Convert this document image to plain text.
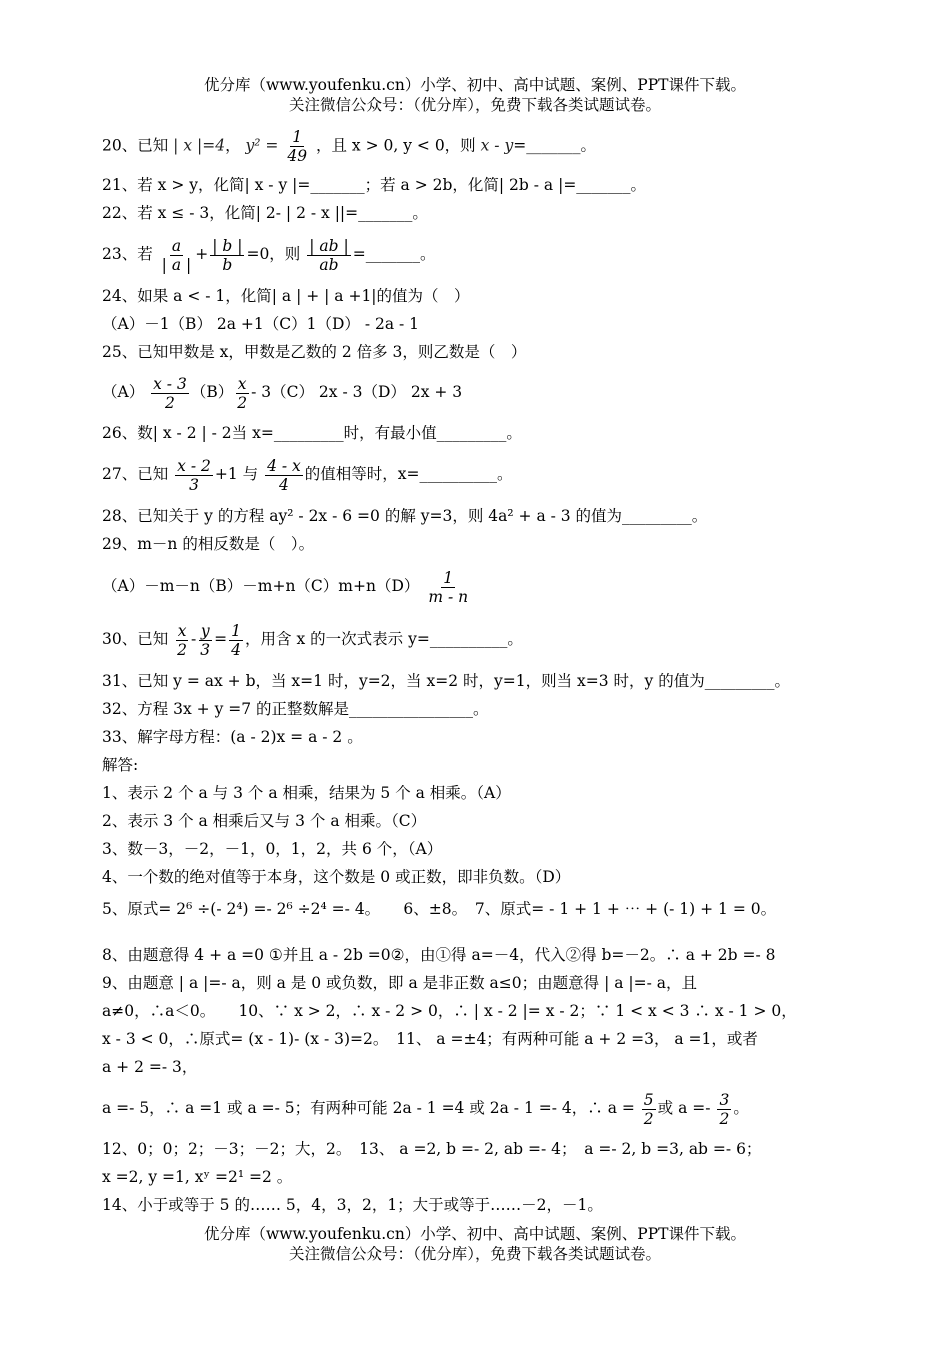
优分库（www.youfenku.cn）小学、初中、高中试题、案例、PPT课件下载。
关注微信公众号：（优分库），免费下载各类试题试卷。
20、已知 | x |=4， $y^2 = \frac{1}{49}$ ，且 x > 0, y < 0，则 x - y=_______。
21、若 x > y，化简| x - y |=_______；若 a > 2b，化简| 2b - a |=_______。
22、若 x ≤ - 3，化简| 2- | 2 - x ||=_______。
23、若 $\frac{a}{| a |} + \frac{| b |}{b} =0$，则 $\frac{| ab |}{ab}$ =_______。
24、如果 a < - 1，化简| a | + | a +1|的值为（　）
（A）－1（B） 2a +1（C）1（D） - 2a - 1
25、已知甲数是 x，甲数是乙数的 2 倍多 3，则乙数是（　）
$(A) \frac{x - 3}{2} (B) \frac{x}{2} - 3(C)$ 2x - 3（D） 2x + 3
26、数| x - 2 | - 2当 x=_________时，有最小值_________。
27、已知 $\frac{x - 2}{3} +1$ 与 $\frac{4 - x}{4}$ 的值相等时，x=__________。
28、已知关于 y 的方程 ay² - 2x - 6 =0 的解 y=3，则 4a² + a - 3 的值为_________。
29、m－n 的相反数是（　）。
$(A)-m-n(B)-m+n(C)m+n(D) \frac{1}{m - n}$
30、已知 $\frac{x}{2} - \frac{y}{3} = \frac{1}{4}$ ，用含 x 的一次式表示 y=__________。
31、已知 y = ax + b，当 x=1 时，y=2，当 x=2 时，y=1，则当 x=3 时，y 的值为_________。
32、方程 3x + y =7 的正整数解是________________。
33、解字母方程：(a - 2)x = a - 2 。
解答:
1、表示 2 个 a 与 3 个 a 相乘，结果为 5 个 a 相乘。（A）
2、表示 3 个 a 相乘后又与 3 个 a 相乘。（C）
3、数－3，－2，－1，0，1，2，共 6 个，（A）
4、一个数的绝对值等于本身，这个数是 0 或正数，即非负数。（D）
5、原式= 2⁶ ÷(- 2⁴) =- 2⁶ ÷2⁴ =- 4。　　6、±8。　7、原式= - 1 + 1 + ⋯ + (- 1) + 1 = 0。
8、由题意得 4 + a =0 ①并且 a - 2b =0②，由①得 a=－4，代入②得 b=－2。∴ a + 2b =- 8
9、由题意 | a |=- a，则 a 是 0 或负数，即 a 是非正数 a≤0；由题意得 | a |=- a，且
a≠0，∴a＜0。　　10、∵ x > 2，∴ x - 2 > 0，∴ | x - 2 |= x - 2；∵ 1 < x < 3 ∴ x - 1 > 0，
x - 3 < 0，∴原式= (x - 1)- (x - 3)=2。　11、 a =±4；有两种可能 a + 2 =3， a =1，或者
a + 2 =- 3，
a =- 5，∴ a =1 或 a =- 5；有两种可能 2a - 1 =4 或 2a - 1 =- 4，∴ $a = \frac{5}{2}$ 或 $a =- \frac{3}{2}$ 。
12、0；0；2；－3；－2；大，2。　13、 a =2, b =- 2, ab =- 4；　a =- 2, b =3, ab =- 6；
x =2, y =1, xʸ =2¹ =2 。
14、小于或等于 5 的…… 5，4，3，2，1；大于或等于……－2，－1。
优分库（www.youfenku.cn）小学、初中、高中试题、案例、PPT课件下载。
关注微信公众号：（优分库），免费下载各类试题试卷。
